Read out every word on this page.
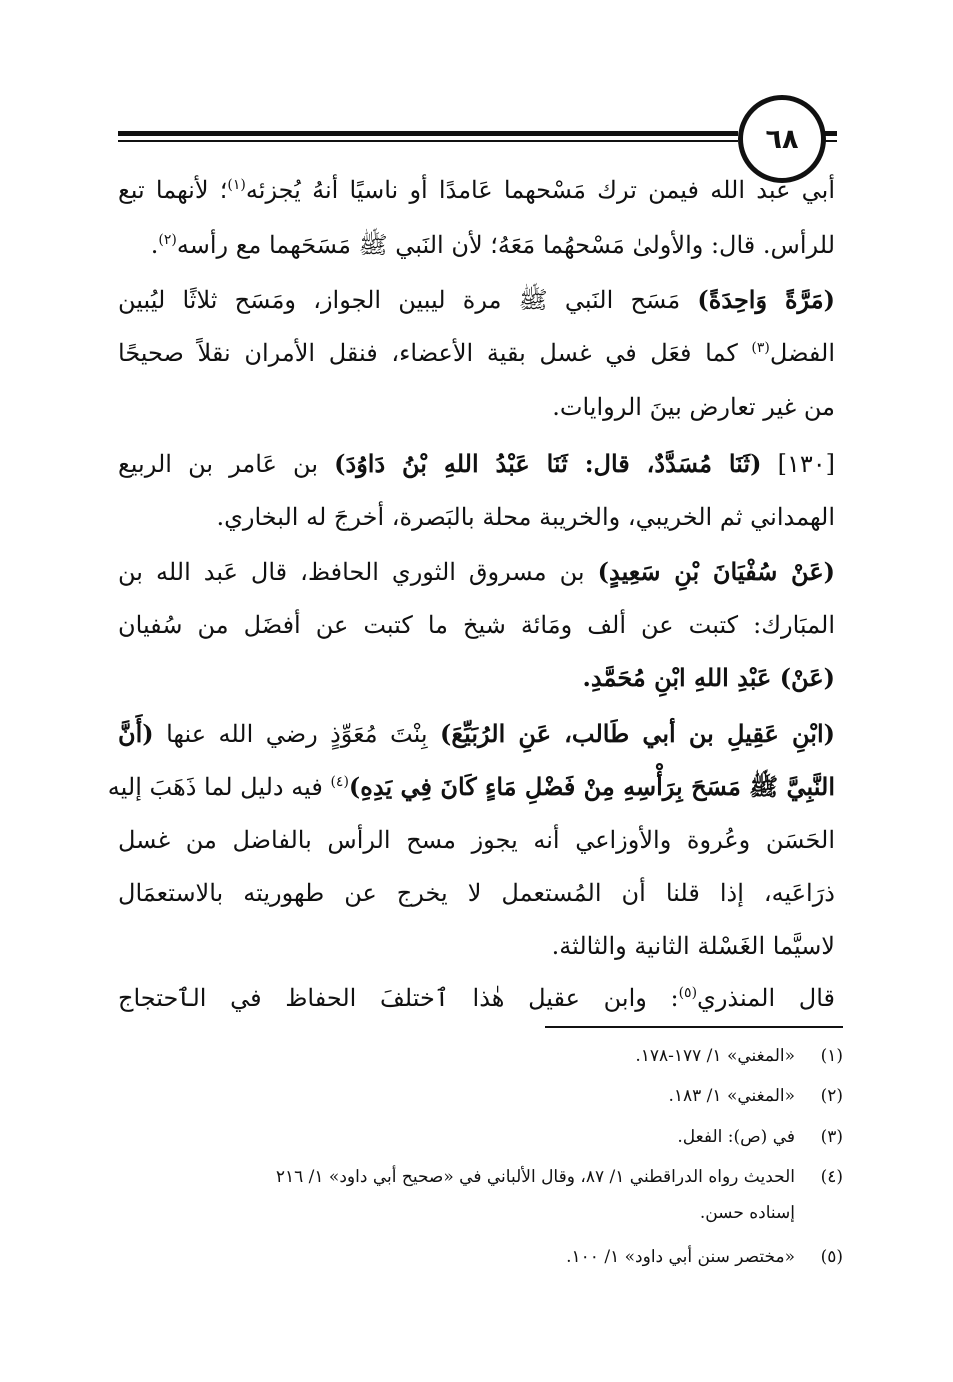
٦٨
أبي عبد الله فيمن ترك مَسْحهما عَامدًا أو ناسيًا أنهُ يُجزئه$^{(١)}$؛ لأنهما تبع
للرأس. قال: والأولىٰ مَسْحهُما مَعَهُ؛ لأن النَبي ﷺ مَسَحَهما مع رأسه$^{(٢)}$.
(مَرَّةً وَاحِدَةً) مَسَح النَبي ﷺ مرة ليبين الجواز، ومَسَح ثلاثًا ليُبين
الفضل$^{(٣)}$ كما فعَل في غسل بقية الأعضاء، فنقل الأمران نقلاً صحيحًا
من غير تعارض بينَ الروايات.
[١٣٠] (ثَنَا مُسَدَّدٌ، قال: ثَنَا عَبْدُ اللهِ بْنُ دَاوُدَ) بن عَامر بن الربيع
الهمداني ثم الخريبي، والخريبة محلة بالبَصرة، أخرجَ له البخاري.
(عَنْ سُفْيَانَ بْنِ سَعِيدٍ) بن مسروق الثوري الحافظ، قال عَبد الله بن
المبَارك: كتبت عن ألف ومَائة شيخ ما كتبت عن أفضَل من سُفيان
(عَنْ) عَبْدِ اللهِ ابْنِ مُحَمَّدِ.
(ابْنِ عَقِيلِ بن أبي طَالب، عَنِ الرُبَيِّعَ) بِنْتَ مُعَوِّذٍ رضي الله عنها (أَنَّ
النَّبِيَّ ﷺ مَسَحَ بِرَأْسِهِ مِنْ فَضْلِ مَاءٍ كَانَ فِي يَدِهِ)$^{(٤)}$ فيه دليل لما ذَهَبَ إليه
الحَسَن وعُروة والأوزاعي أنه يجوز مسح الرأس بالفاضل من غسل
ذرَاعَيه، إذا قلنا أن المُستعمل لا يخرج عن طهوريته بالاستعمَال
لاسيَّما الغَسْلة الثانية والثالثة.
قال المنذري$^{(٥)}$: وابن عقيل هٰذا ٱختلفَ الحفاظ في الٱحتجاج
(١)«المغني» ١/ ١٧٧-١٧٨.
(٢)«المغني» ١/ ١٨٣.
(٣)في (ص): الفعل.
(٤)الحديث رواه الدراقطني ١/ ٨٧، وقال الألباني في «صحيح أبي داود» ١/ ٢١٦
إسناده حسن.
(٥)«مختصر سنن أبي داود» ١/ ١٠٠.
